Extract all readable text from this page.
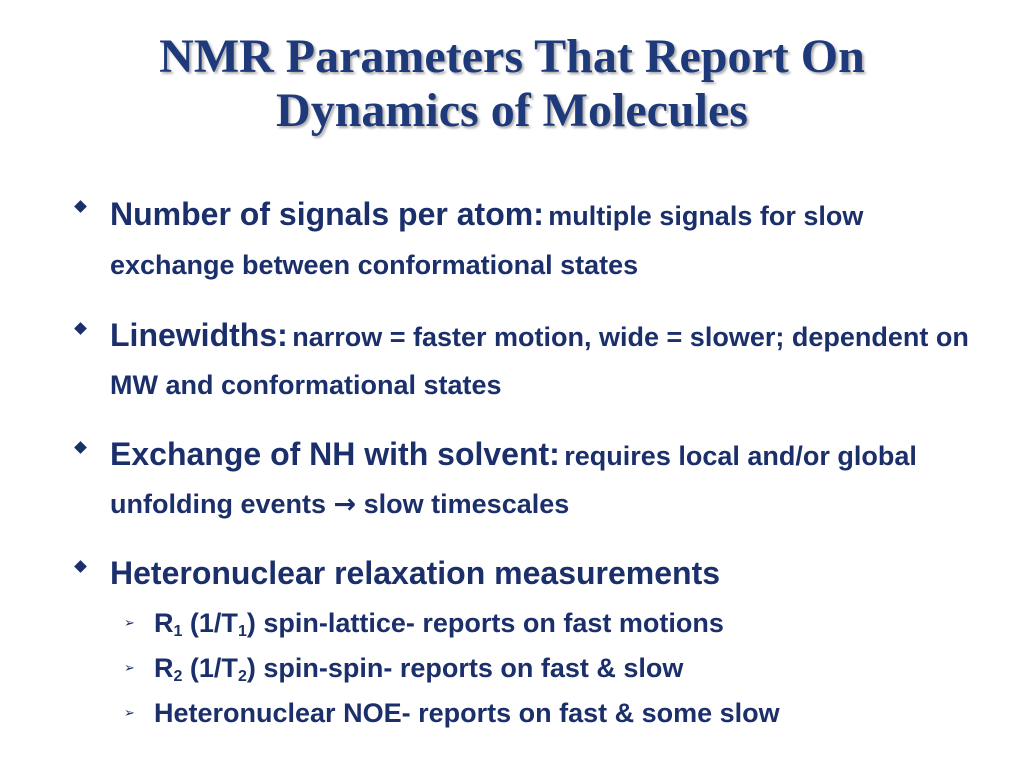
NMR Parameters That Report On
Dynamics of Molecules
Number of signals per atom: multiple signals for slow exchange between conformational states
Linewidths: narrow = faster motion, wide = slower; dependent on MW and conformational states
Exchange of NH with solvent: requires local and/or global unfolding events → slow timescales
Heteronuclear relaxation measurements
➢ $R_1$ $(1/T_1)$ spin-lattice- reports on fast motions
➢ $R_2$ $(1/T_2)$ spin-spin- reports on fast & slow
➢ Heteronuclear NOE- reports on fast & some slow
